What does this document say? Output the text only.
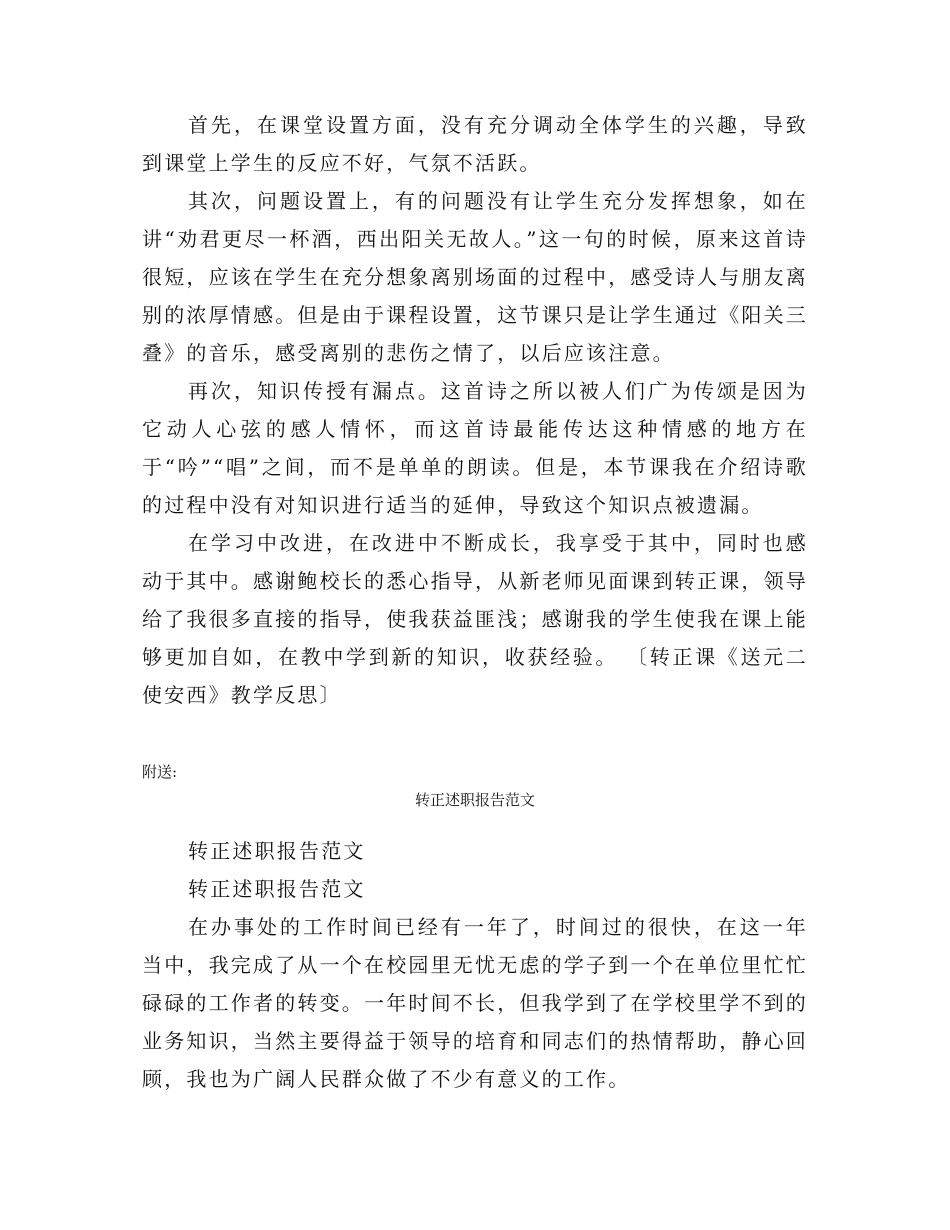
首先，在课堂设置方面，没有充分调动全体学生的兴趣，导致到课堂上学生的反应不好，气氛不活跃。

其次，问题设置上，有的问题没有让学生充分发挥想象，如在讲“劝君更尽一杯酒，西出阳关无故人。”这一句的时候，原来这首诗很短，应该在学生在充分想象离别场面的过程中，感受诗人与朋友离别的浓厚情感。但是由于课程设置，这节课只是让学生通过《阳关三叠》的音乐，感受离别的悲伤之情了，以后应该注意。

再次，知识传授有漏点。这首诗之所以被人们广为传颂是因为它动人心弦的感人情怀，而这首诗最能传达这种情感的地方在于“吟”“唱”之间，而不是单单的朗读。但是，本节课我在介绍诗歌的过程中没有对知识进行适当的延伸，导致这个知识点被遗漏。

在学习中改进，在改进中不断成长，我享受于其中，同时也感动于其中。感谢鲍校长的悉心指导，从新老师见面课到转正课，领导给了我很多直接的指导，使我获益匪浅；感谢我的学生使我在课上能够更加自如，在教中学到新的知识，收获经验。 〔转正课《送元二使安西》教学反思〕

附送:
转正述职报告范文

转正述职报告范文

转正述职报告范文

在办事处的工作时间已经有一年了，时间过的很快，在这一年当中，我完成了从一个在校园里无忧无虑的学子到一个在单位里忙忙碌碌的工作者的转变。一年时间不长，但我学到了在学校里学不到的业务知识，当然主要得益于领导的培育和同志们的热情帮助，静心回顾，我也为广阔人民群众做了不少有意义的工作。
